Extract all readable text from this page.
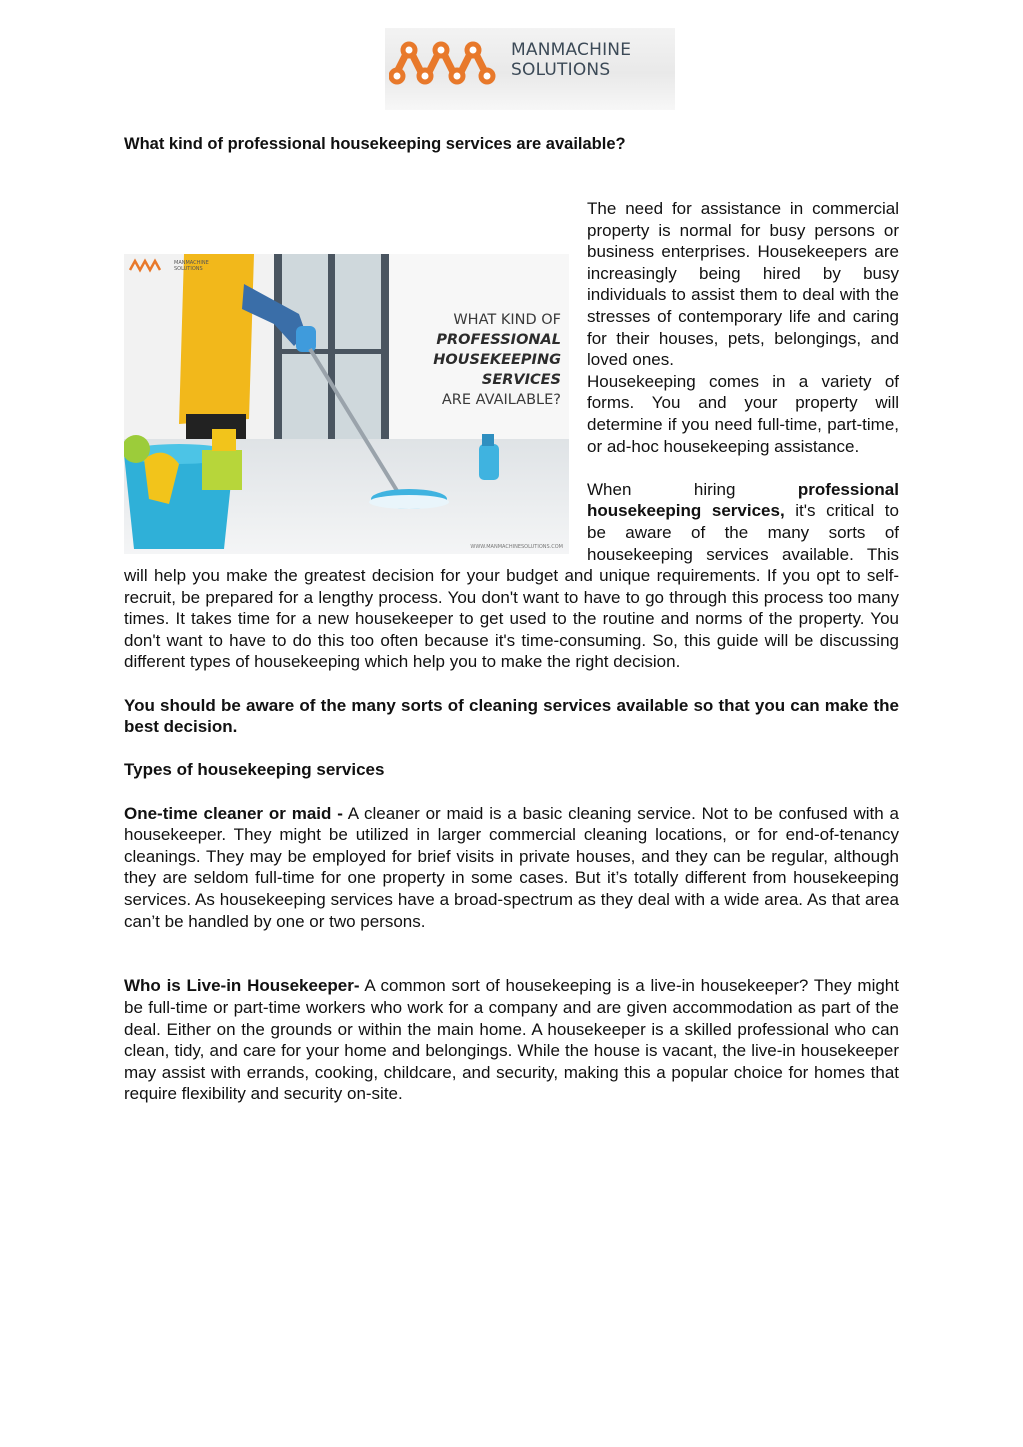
MANMACHINE
SOLUTIONS
What kind of professional housekeeping services are available?
MANMACHINE
SOLUTIONS
WHAT KIND OF
PROFESSIONAL
HOUSEKEEPING
SERVICES
ARE AVAILABLE?
WWW.MANMACHINESOLUTIONS.COM

The need for assistance in commercial property is normal for busy persons or business enterprises. Housekeepers are increasingly being hired by busy individuals to assist them to deal with the stresses of contemporary life and caring for their houses, pets, belongings, and loved ones.

Housekeeping comes in a variety of forms. You and your property will determine if you need full-time, part-time, or ad-hoc housekeeping assistance.

When hiring professional housekeeping services, it's critical to be aware of the many sorts of housekeeping services available. This will help you make the greatest decision for your budget and unique requirements. If you opt to self-recruit, be prepared for a lengthy process. You don't want to have to go through this process too many times. It takes time for a new housekeeper to get used to the routine and norms of the property. You don't want to have to do this too often because it's time-consuming. So, this guide will be discussing different types of housekeeping which help you to make the right decision.

You should be aware of the many sorts of cleaning services available so that you can make the best decision.

Types of housekeeping services

One-time cleaner or maid - A cleaner or maid is a basic cleaning service. Not to be confused with a housekeeper. They might be utilized in larger commercial cleaning locations, or for end-of-tenancy cleanings. They may be employed for brief visits in private houses, and they can be regular, although they are seldom full-time for one property in some cases. But it’s totally different from housekeeping services. As housekeeping services have a broad-spectrum as they deal with a wide area. As that area can’t be handled by one or two persons.

Who is Live-in Housekeeper- A common sort of housekeeping is a live-in housekeeper? They might be full-time or part-time workers who work for a company and are given accommodation as part of the deal. Either on the grounds or within the main home. A housekeeper is a skilled professional who can clean, tidy, and care for your home and belongings. While the house is vacant, the live-in housekeeper may assist with errands, cooking, childcare, and security, making this a popular choice for homes that require flexibility and security on-site.
